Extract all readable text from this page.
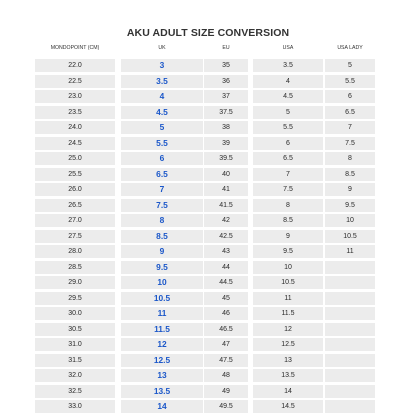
AKU ADULT SIZE CONVERSION
MONDOPOINT (CM)	UK	EU	USA	USA LADY
22.0	3	35	3.5	5
22.5	3.5	36	4	5.5
23.0	4	37	4.5	6
23.5	4.5	37.5	5	6.5
24.0	5	38	5.5	7
24.5	5.5	39	6	7.5
25.0	6	39.5	6.5	8
25.5	6.5	40	7	8.5
26.0	7	41	7.5	9
26.5	7.5	41.5	8	9.5
27.0	8	42	8.5	10
27.5	8.5	42.5	9	10.5
28.0	9	43	9.5	11
28.5	9.5	44	10
29.0	10	44.5	10.5
29.5	10.5	45	11
30.0	11	46	11.5
30.5	11.5	46.5	12
31.0	12	47	12.5
31.5	12.5	47.5	13
32.0	13	48	13.5
32.5	13.5	49	14
33.0	14	49.5	14.5
